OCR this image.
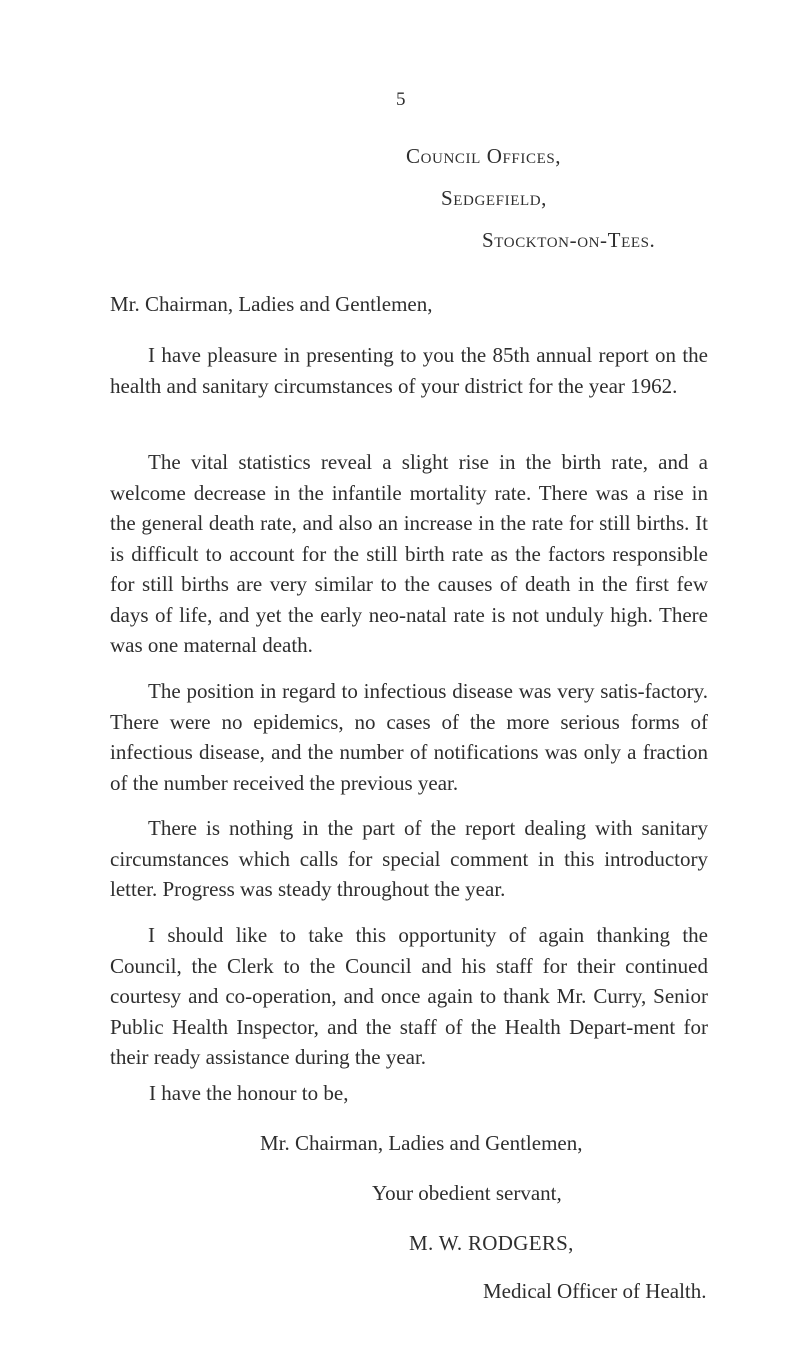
5
Council Offices,
Sedgefield,
Stockton-on-Tees.
Mr. Chairman, Ladies and Gentlemen,

I have pleasure in presenting to you the 85th annual report on the health and sanitary circumstances of your district for the year 1962.

The vital statistics reveal a slight rise in the birth rate, and a welcome decrease in the infantile mortality rate. There was a rise in the general death rate, and also an increase in the rate for still births. It is difficult to account for the still birth rate as the factors responsible for still births are very similar to the causes of death in the first few days of life, and yet the early neo-natal rate is not unduly high. There was one maternal death.

The position in regard to infectious disease was very satis-factory. There were no epidemics, no cases of the more serious forms of infectious disease, and the number of notifications was only a fraction of the number received the previous year.

There is nothing in the part of the report dealing with sanitary circumstances which calls for special comment in this introductory letter. Progress was steady throughout the year.

I should like to take this opportunity of again thanking the Council, the Clerk to the Council and his staff for their continued courtesy and co-operation, and once again to thank Mr. Curry, Senior Public Health Inspector, and the staff of the Health Depart-ment for their ready assistance during the year.

I have the honour to be,
Mr. Chairman, Ladies and Gentlemen,
Your obedient servant,
M. W. RODGERS,
Medical Officer of Health.
